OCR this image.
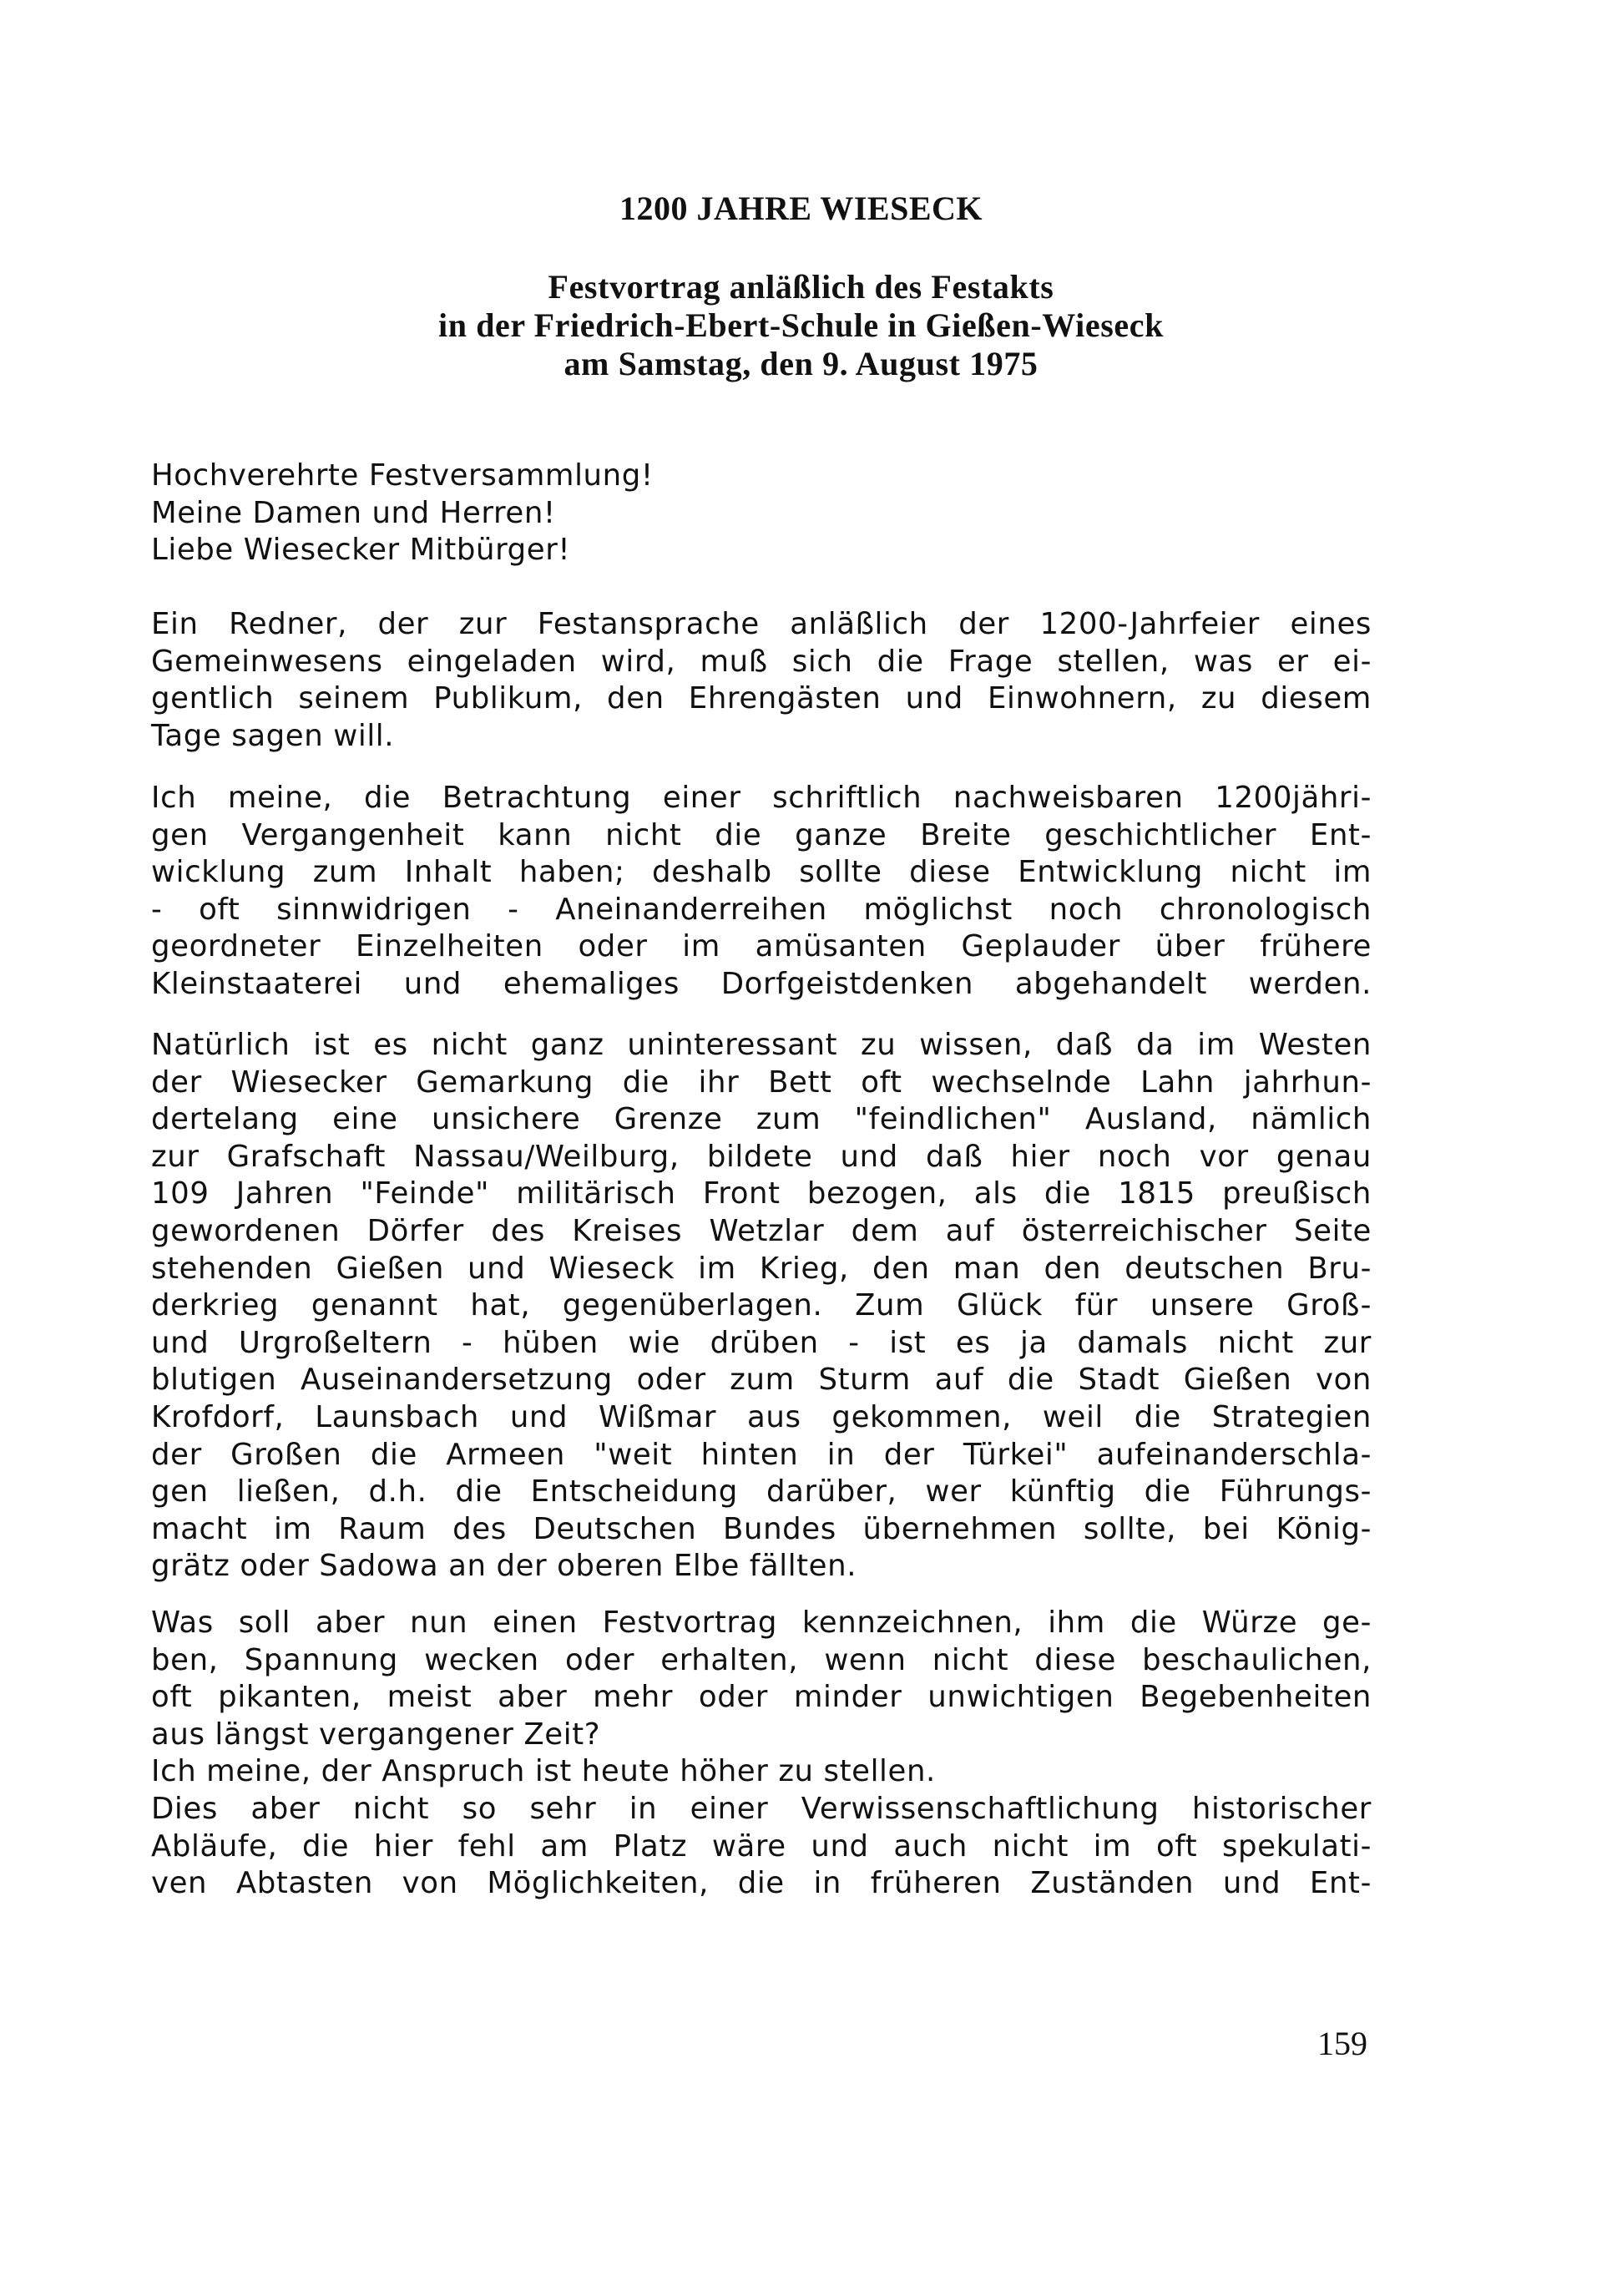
1200 JAHRE WIESECK
Festvortrag anläßlich des Festakts
in der Friedrich-Ebert-Schule in Gießen-Wieseck
am Samstag, den 9. August 1975
Hochverehrte Festversammlung!
Meine Damen und Herren!
Liebe Wiesecker Mitbürger!
Ein Redner, der zur Festansprache anläßlich der 1200-Jahrfeier eines
Gemeinwesens eingeladen wird, muß sich die Frage stellen, was er ei-
gentlich seinem Publikum, den Ehrengästen und Einwohnern, zu diesem
Tage sagen will.
Ich meine, die Betrachtung einer schriftlich nachweisbaren 1200jähri-
gen Vergangenheit kann nicht die ganze Breite geschichtlicher Ent-
wicklung zum Inhalt haben; deshalb sollte diese Entwicklung nicht im
- oft sinnwidrigen - Aneinanderreihen möglichst noch chronologisch
geordneter Einzelheiten oder im amüsanten Geplauder über frühere
Kleinstaaterei und ehemaliges Dorfgeistdenken abgehandelt werden.
Natürlich ist es nicht ganz uninteressant zu wissen, daß da im Westen
der Wiesecker Gemarkung die ihr Bett oft wechselnde Lahn jahrhun-
dertelang eine unsichere Grenze zum "feindlichen" Ausland, nämlich
zur Grafschaft Nassau/Weilburg, bildete und daß hier noch vor genau
109 Jahren "Feinde" militärisch Front bezogen, als die 1815 preußisch
gewordenen Dörfer des Kreises Wetzlar dem auf österreichischer Seite
stehenden Gießen und Wieseck im Krieg, den man den deutschen Bru-
derkrieg genannt hat, gegenüberlagen. Zum Glück für unsere Groß-
und Urgroßeltern - hüben wie drüben - ist es ja damals nicht zur
blutigen Auseinandersetzung oder zum Sturm auf die Stadt Gießen von
Krofdorf, Launsbach und Wißmar aus gekommen, weil die Strategien
der Großen die Armeen "weit hinten in der Türkei" aufeinanderschla-
gen ließen, d.h. die Entscheidung darüber, wer künftig die Führungs-
macht im Raum des Deutschen Bundes übernehmen sollte, bei König-
grätz oder Sadowa an der oberen Elbe fällten.
Was soll aber nun einen Festvortrag kennzeichnen, ihm die Würze ge-
ben, Spannung wecken oder erhalten, wenn nicht diese beschaulichen,
oft pikanten, meist aber mehr oder minder unwichtigen Begebenheiten
aus längst vergangener Zeit?
Ich meine, der Anspruch ist heute höher zu stellen.
Dies aber nicht so sehr in einer Verwissenschaftlichung historischer
Abläufe, die hier fehl am Platz wäre und auch nicht im oft spekulati-
ven Abtasten von Möglichkeiten, die in früheren Zuständen und Ent-
159
